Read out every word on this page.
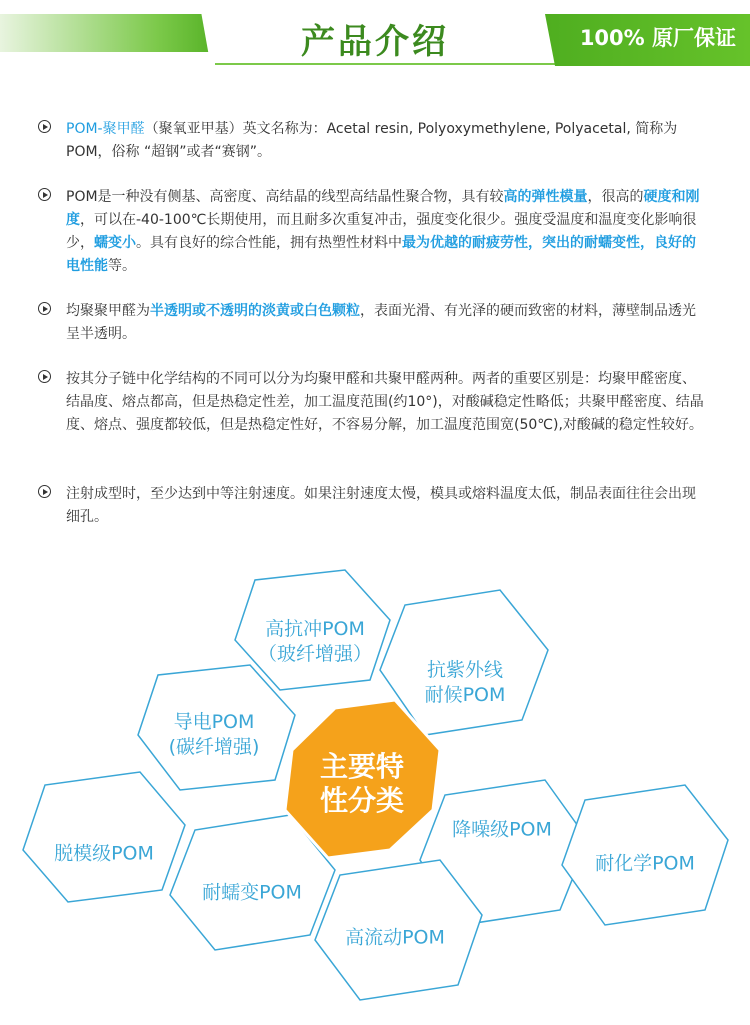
产品介绍	100% 原厂保证
POM-聚甲醛（聚氧亚甲基）英文名称为：Acetal resin, Polyoxymethylene, Polyacetal, 简称为POM，俗称 “超钢”或者“赛钢”。
POM是一种没有侧基、高密度、高结晶的线型高结晶性聚合物，具有较高的弹性模量，很高的硬度和刚度，可以在-40-100℃长期使用，而且耐多次重复冲击，强度变化很少。强度受温度和温度变化影响很少，蠕变小。具有良好的综合性能，拥有热塑性材料中最为优越的耐疲劳性，突出的耐蠕变性，良好的电性能等。
均聚聚甲醛为半透明或不透明的淡黄或白色颗粒，表面光滑、有光泽的硬而致密的材料，薄壁制品透光呈半透明。
按其分子链中化学结构的不同可以分为均聚甲醛和共聚甲醛两种。两者的重要区别是：均聚甲醛密度、 结晶度、熔点都高，但是热稳定性差，加工温度范围(约10°)，对酸碱稳定性略低；共聚甲醛密度、结晶度、熔点、强度都较低，但是热稳定性好，不容易分解，加工温度范围宽(50℃),对酸碱的稳定性较好。
注射成型时，至少达到中等注射速度。如果注射速度太慢，模具或熔料温度太低，制品表面往往会出现细孔。
主要特
性分类
高抗冲POM
（玻纤增强）
抗紫外线
耐候POM
导电POM
(碳纤增强)
降噪级POM
脱模级POM
耐蠕变POM
耐化学POM
高流动POM
